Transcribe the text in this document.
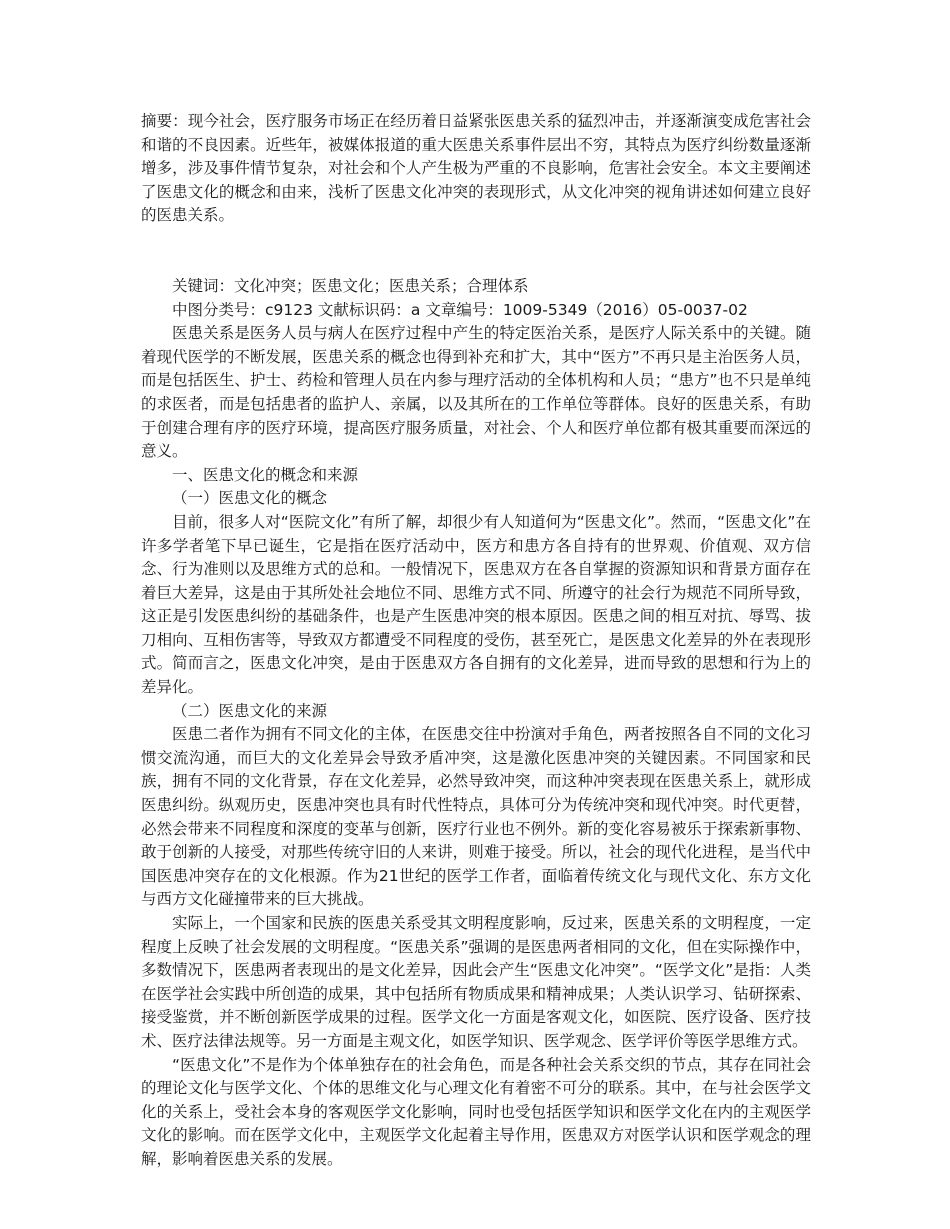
摘要：现今社会，医疗服务市场正在经历着日益紧张医患关系的猛烈冲击，并逐渐演变成危害社会和谐的不良因素。近些年，被媒体报道的重大医患关系事件层出不穷，其特点为医疗纠纷数量逐渐增多，涉及事件情节复杂，对社会和个人产生极为严重的不良影响，危害社会安全。本文主要阐述了医患文化的概念和由来，浅析了医患文化冲突的表现形式，从文化冲突的视角讲述如何建立良好的医患关系。

关键词：文化冲突；医患文化；医患关系；合理体系

中图分类号：c9123 文献标识码：a 文章编号：1009-5349（2016）05-0037-02

医患关系是医务人员与病人在医疗过程中产生的特定医治关系，是医疗人际关系中的关键。随着现代医学的不断发展，医患关系的概念也得到补充和扩大，其中“医方”不再只是主治医务人员，而是包括医生、护士、药检和管理人员在内参与理疗活动的全体机构和人员；“患方”也不只是单纯的求医者，而是包括患者的监护人、亲属，以及其所在的工作单位等群体。良好的医患关系，有助于创建合理有序的医疗环境，提高医疗服务质量，对社会、个人和医疗单位都有极其重要而深远的意义。

一、医患文化的概念和来源

（一）医患文化的概念

目前，很多人对“医院文化”有所了解，却很少有人知道何为“医患文化”。然而，“医患文化”在许多学者笔下早已诞生，它是指在医疗活动中，医方和患方各自持有的世界观、价值观、双方信念、行为准则以及思维方式的总和。一般情况下，医患双方在各自掌握的资源知识和背景方面存在着巨大差异，这是由于其所处社会地位不同、思维方式不同、所遵守的社会行为规范不同所导致，这正是引发医患纠纷的基础条件，也是产生医患冲突的根本原因。医患之间的相互对抗、辱骂、拔刀相向、互相伤害等，导致双方都遭受不同程度的受伤，甚至死亡，是医患文化差异的外在表现形式。简而言之，医患文化冲突，是由于医患双方各自拥有的文化差异，进而导致的思想和行为上的差异化。

（二）医患文化的来源

医患二者作为拥有不同文化的主体，在医患交往中扮演对手角色，两者按照各自不同的文化习惯交流沟通，而巨大的文化差异会导致矛盾冲突，这是激化医患冲突的关键因素。不同国家和民族，拥有不同的文化背景，存在文化差异，必然导致冲突，而这种冲突表现在医患关系上，就形成医患纠纷。纵观历史，医患冲突也具有时代性特点，具体可分为传统冲突和现代冲突。时代更替，必然会带来不同程度和深度的变革与创新，医疗行业也不例外。新的变化容易被乐于探索新事物、敢于创新的人接受，对那些传统守旧的人来讲，则难于接受。所以，社会的现代化进程，是当代中国医患冲突存在的文化根源。作为21世纪的医学工作者，面临着传统文化与现代文化、东方文化与西方文化碰撞带来的巨大挑战。

实际上，一个国家和民族的医患关系受其文明程度影响，反过来，医患关系的文明程度，一定程度上反映了社会发展的文明程度。“医患关系”强调的是医患两者相同的文化，但在实际操作中，多数情况下，医患两者表现出的是文化差异，因此会产生“医患文化冲突”。“医学文化”是指：人类在医学社会实践中所创造的成果，其中包括所有物质成果和精神成果；人类认识学习、钻研探索、接受鉴赏，并不断创新医学成果的过程。医学文化一方面是客观文化，如医院、医疗设备、医疗技术、医疗法律法规等。另一方面是主观文化，如医学知识、医学观念、医学评价等医学思维方式。

“医患文化”不是作为个体单独存在的社会角色，而是各种社会关系交织的节点，其存在同社会的理论文化与医学文化、个体的思维文化与心理文化有着密不可分的联系。其中，在与社会医学文化的关系上，受社会本身的客观医学文化影响，同时也受包括医学知识和医学文化在内的主观医学文化的影响。而在医学文化中，主观医学文化起着主导作用，医患双方对医学认识和医学观念的理解，影响着医患关系的发展。
